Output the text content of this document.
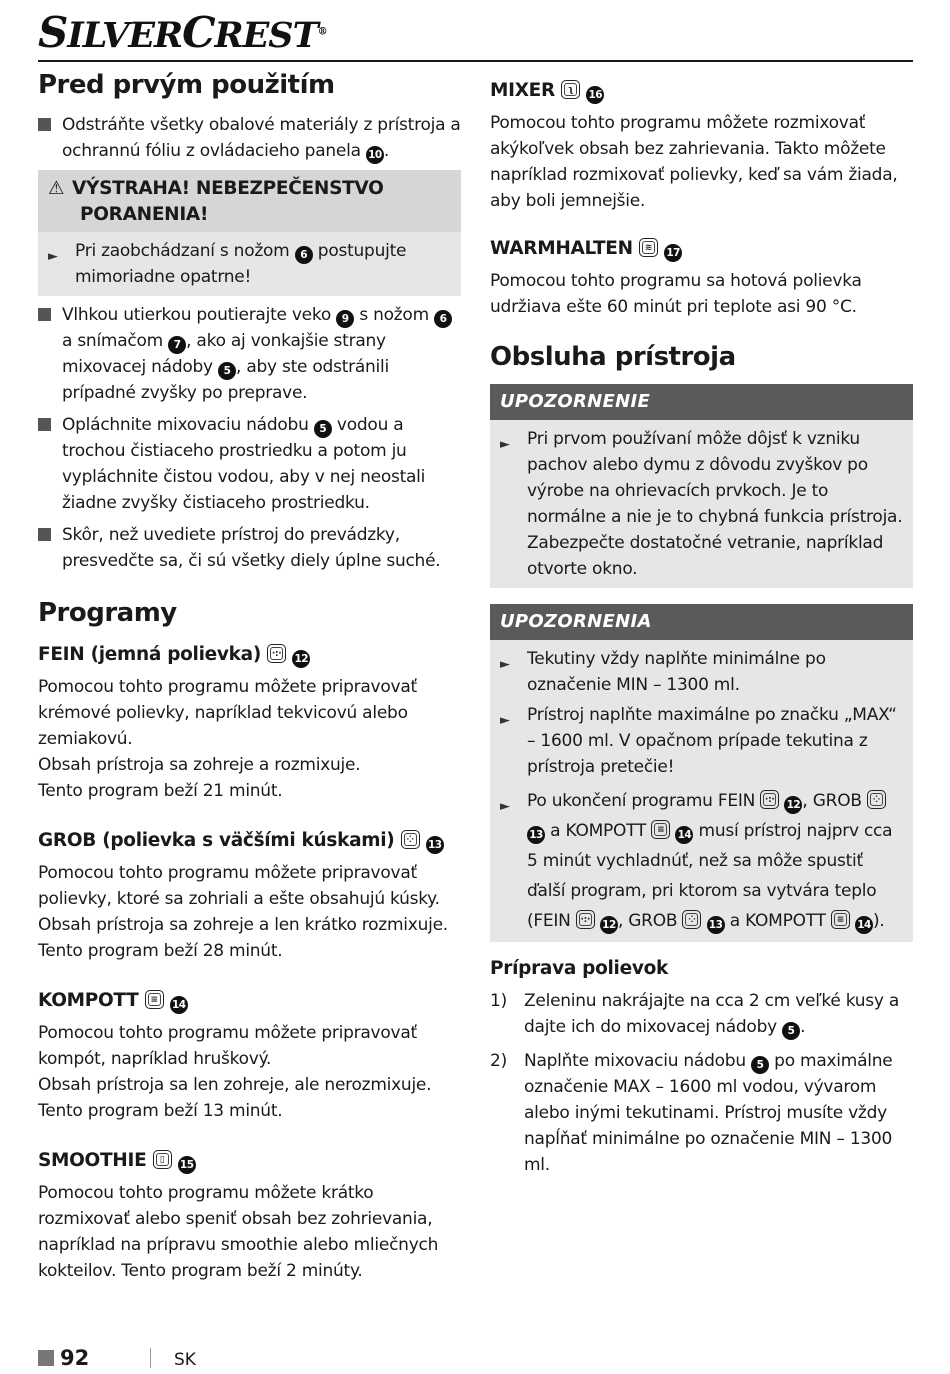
SILVERCREST®
Pred prvým použitím
Odstráňte všetky obalové materiály z prístroja a ochrannú fóliu z ovládacieho panela 10 .
⚠ VÝSTRAHA! NEBEZPEČENSTVO
PORANENIA!
► Pri zaobchádzaní s nožom 6 postupujte mimoriadne opatrne!
Vlhkou utierkou poutierajte veko 9 s nožom 6 a snímačom 7 , ako aj vonkajšie strany mixovacej nádoby 5 , aby ste odstránili prípadné zvyšky po preprave.
Opláchnite mixovaciu nádobu 5 vodou a trochou čistiaceho prostriedku a potom ju vypláchnite čistou vodou, aby v nej neostali žiadne zvyšky čistiaceho prostriedku.
Skôr, než uvediete prístroj do prevádzky, presvedčte sa, či sú všetky diely úplne suché.
Programy
FEIN (jemná polievka) ·:· 12

Pomocou tohto programu môžete pripravovať krémové polievky, napríklad tekvicovú alebo zemiakovú.

Obsah prístroja sa zohreje a rozmixuje.

Tento program beží 21 minút.

GROB (polievka s väčšími kúskami)	⁘ 13

Pomocou tohto programu môžete pripravovať polievky, ktoré sa zohriali a ešte obsahujú kúsky.

Obsah prístroja sa zohreje a len krátko rozmixuje.

Tento program beží 28 minút.

KOMPOTT	≡ 14

Pomocou tohto programu môžete pripravovať kompót, napríklad hruškový.

Obsah prístroja sa len zohreje, ale nerozmixuje.

Tento program beží 13 minút.

SMOOTHIE	▯	15

Pomocou tohto programu môžete krátko rozmixovať alebo speniť obsah bez zohrievania, napríklad na prípravu smoothie alebo mliečnych kokteilov. Tento program beží 2 minúty.

MIXER	ʅ	16

Pomocou tohto programu môžete rozmixovať akýkoľvek obsah bez zahrievania. Takto môžete napríklad rozmixovať polievky, keď sa vám žiada, aby boli jemnejšie.

WARMHALTEN	≋ 17

Pomocou tohto programu sa hotová polievka udržiava ešte 60 minút pri teplote asi 90 °C.

Obsluha prístroja
UPOZORNENIE
► Pri prvom používaní môže dôjsť k vzniku pachov alebo dymu z dôvodu zvyškov po výrobe na ohrievacích prvkoch. Je to normálne a nie je to chybná funkcia prístroja. Zabezpečte dostatočné vetranie, napríklad otvorte okno.
UPOZORNENIA
► Tekutiny vždy naplňte minimálne po označenie MIN – 1300 ml.
► Prístroj naplňte maximálne po značku „MAX“ – 1600 ml. V opačnom prípade tekutina z prístroja pretečie!
► Po ukončení programu FEIN ·:· 12 , GROB ⁘
13 a KOMPOTT ≡ 14 musí prístroj najprv cca 5 minút vychladnúť, než sa môže spustiť ďalší program, pri ktorom sa vytvára teplo (FEIN ·:· 12 , GROB ⁘ 13 a KOMPOTT ≡ 14 ).
Príprava polievok
1) Zeleninu nakrájajte na cca 2 cm veľké kusy a dajte ich do mixovacej nádoby 5 .
2) Naplňte mixovaciu nádobu 5 po maximálne označenie MAX – 1600 ml vodou, vývarom alebo inými tekutinami. Prístroj musíte vždy napĺňať minimálne po označenie MIN – 1300 ml.
92	SK
